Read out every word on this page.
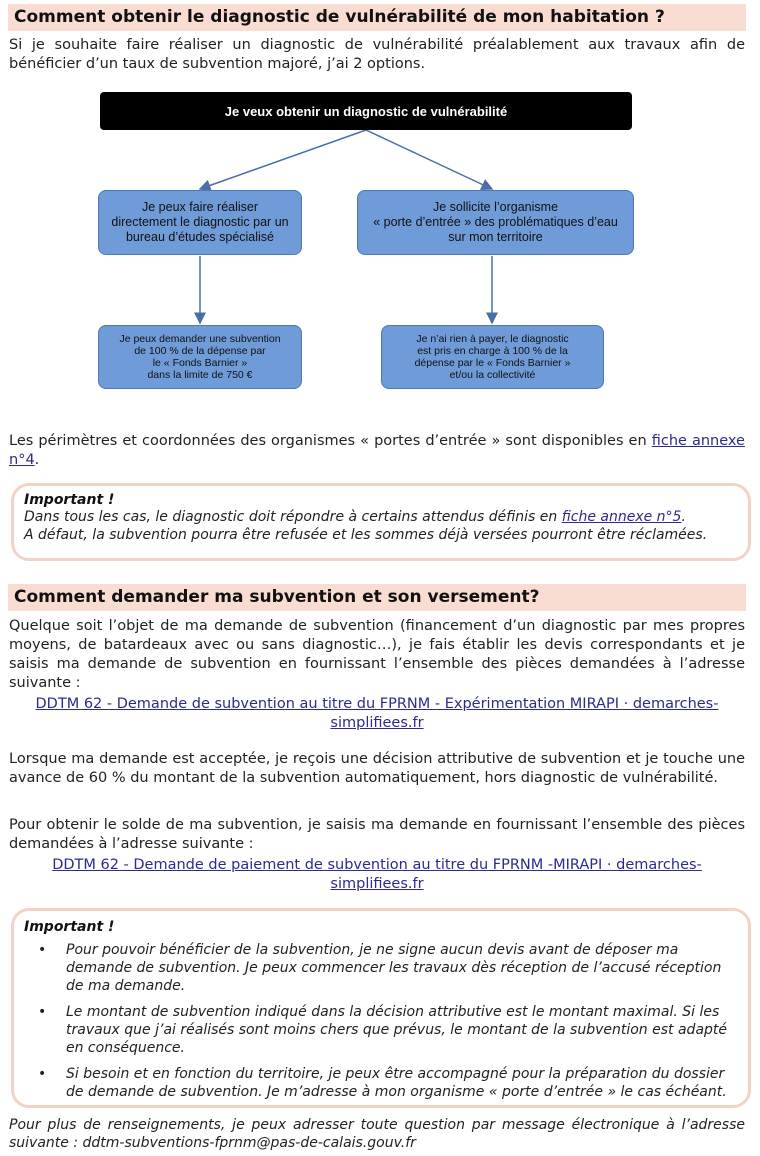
Comment obtenir le diagnostic de vulnérabilité de mon habitation ?
Si je souhaite faire réaliser un diagnostic de vulnérabilité préalablement aux travaux afin de bénéficier d’un taux de subvention majoré, j’ai 2 options.
Je veux obtenir un diagnostic de vulnérabilité
Je peux faire réaliser
directement le diagnostic par un
bureau d’études spécialisé
Je sollicite l’organisme
« porte d’entrée » des problématiques d’eau
sur mon territoire
Je peux demander une subvention
de 100 % de la dépense par
le « Fonds Barnier »
dans la limite de 750 €
Je n’ai rien à payer, le diagnostic
est pris en charge à 100 % de la
dépense par le « Fonds Barnier »
et/ou la collectivité
Les périmètres et coordonnées des organismes « portes d’entrée » sont disponibles en fiche annexe n°4.
Important !
Dans tous les cas, le diagnostic doit répondre à certains attendus définis en fiche annexe n°5.
A défaut, la subvention pourra être refusée et les sommes déjà versées pourront être réclamées.
Comment demander ma subvention et son versement?
Quelque soit l’objet de ma demande de subvention (financement d’un diagnostic par mes propres moyens, de batardeaux avec ou sans diagnostic…), je fais établir les devis correspondants et je saisis ma demande de subvention en fournissant l’ensemble des pièces demandées à l’adresse suivante :
DDTM 62 - Demande de subvention au titre du FPRNM - Expérimentation MIRAPI · demarches-
simplifiees.fr
Lorsque ma demande est acceptée, je reçois une décision attributive de subvention et je touche une avance de 60 % du montant de la subvention automatiquement, hors diagnostic de vulnérabilité.
Pour obtenir le solde de ma subvention, je saisis ma demande en fournissant l’ensemble des pièces demandées à l’adresse suivante :
DDTM 62 - Demande de paiement de subvention au titre du FPRNM -MIRAPI · demarches-
simplifiees.fr
Important !
• Pour pouvoir bénéficier de la subvention, je ne signe aucun devis avant de déposer ma demande de subvention. Je peux commencer les travaux dès réception de l’accusé réception de ma demande.
• Le montant de subvention indiqué dans la décision attributive est le montant maximal. Si les travaux que j’ai réalisés sont moins chers que prévus, le montant de la subvention est adapté en conséquence.
• Si besoin et en fonction du territoire, je peux être accompagné pour la préparation du dossier de demande de subvention. Je m’adresse à mon organisme « porte d’entrée » le cas échéant.
Pour plus de renseignements, je peux adresser toute question par message électronique à l’adresse suivante : ddtm-subventions-fprnm@pas-de-calais.gouv.fr
